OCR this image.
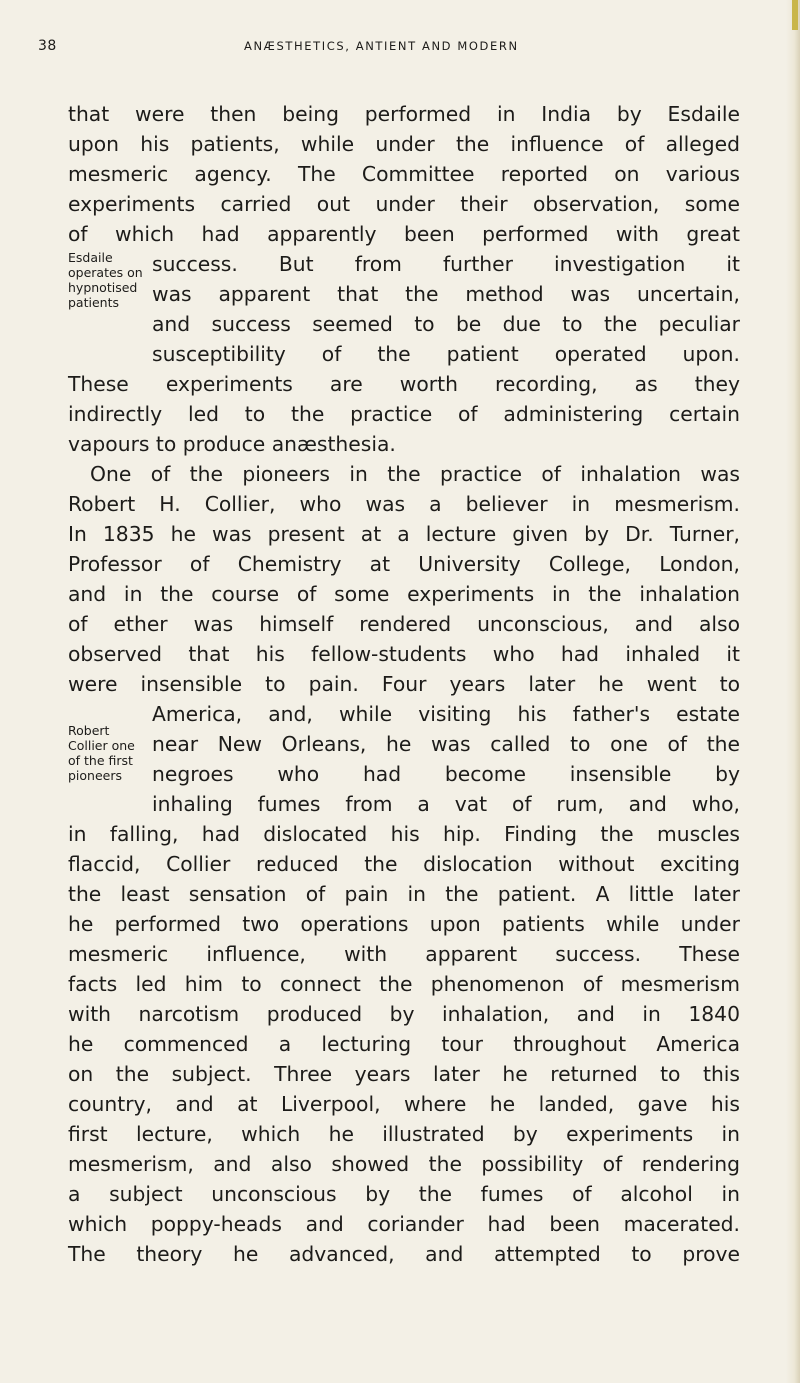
38	ANÆSTHETICS, ANTIENT AND MODERN
Esdaile
operates on
hypnotised
patients
Robert
Collier one
of the first
pioneers
that were then being performed in India by Esdaile
upon his patients, while under the influence of alleged
mesmeric agency. The Committee reported on various
experiments carried out under their observation, some
of which had apparently been performed with great
success. But from further investigation it
was apparent that the method was uncertain,
and success seemed to be due to the peculiar
susceptibility of the patient operated upon.
These experiments are worth recording, as they
indirectly led to the practice of administering certain
vapours to produce anæsthesia.
One of the pioneers in the practice of inhalation was
Robert H. Collier, who was a believer in mesmerism.
In 1835 he was present at a lecture given by Dr. Turner,
Professor of Chemistry at University College, London,
and in the course of some experiments in the inhalation
of ether was himself rendered unconscious, and also
observed that his fellow-students who had inhaled it
were insensible to pain. Four years later he went to
America, and, while visiting his father's estate
near New Orleans, he was called to one of the
negroes who had become insensible by
inhaling fumes from a vat of rum, and who,
in falling, had dislocated his hip. Finding the muscles
flaccid, Collier reduced the dislocation without exciting
the least sensation of pain in the patient. A little later
he performed two operations upon patients while under
mesmeric influence, with apparent success. These
facts led him to connect the phenomenon of mesmerism
with narcotism produced by inhalation, and in 1840
he commenced a lecturing tour throughout America
on the subject. Three years later he returned to this
country, and at Liverpool, where he landed, gave his
first lecture, which he illustrated by experiments in
mesmerism, and also showed the possibility of rendering
a subject unconscious by the fumes of alcohol in
which poppy-heads and coriander had been macerated.
The theory he advanced, and attempted to prove
